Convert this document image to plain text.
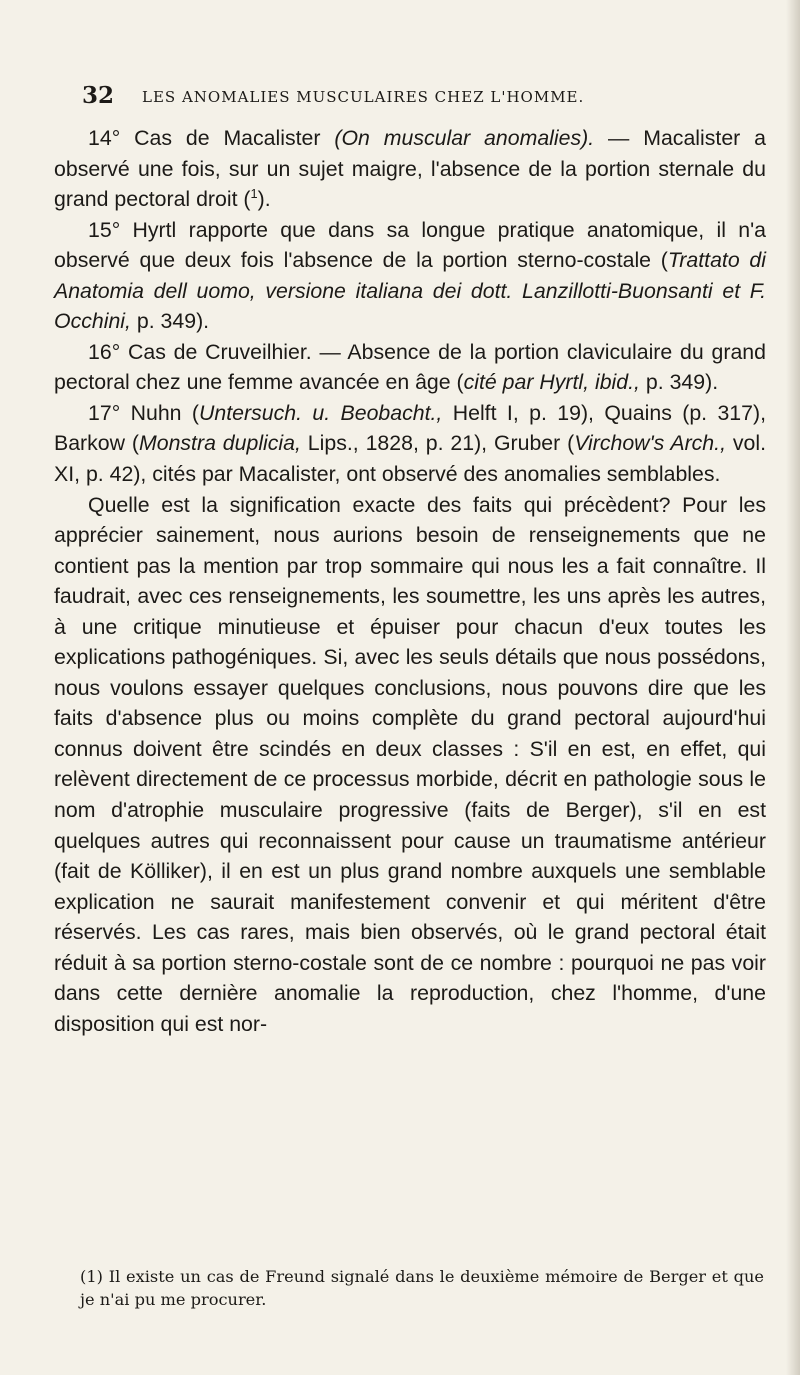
32 LES ANOMALIES MUSCULAIRES CHEZ L'HOMME.

14° Cas de Macalister (On muscular anomalies). — Macalister a observé une fois, sur un sujet maigre, l'absence de la portion sternale du grand pectoral droit ($^1$).

15° Hyrtl rapporte que dans sa longue pratique anatomique, il n'a observé que deux fois l'absence de la portion sterno-costale (Trattato di Anatomia dell uomo, versione italiana dei dott. Lanzillotti-Buonsanti et F. Occhini, p. 349).

16° Cas de Cruveilhier. — Absence de la portion claviculaire du grand pectoral chez une femme avancée en âge (cité par Hyrtl, ibid., p. 349).

17° Nuhn (Untersuch. u. Beobacht., Helft I, p. 19), Quains (p. 317), Barkow (Monstra duplicia, Lips., 1828, p. 21), Gruber (Virchow's Arch., vol. XI, p. 42), cités par Macalister, ont observé des anomalies semblables.

Quelle est la signification exacte des faits qui précèdent? Pour les apprécier sainement, nous aurions besoin de renseignements que ne contient pas la mention par trop sommaire qui nous les a fait connaître. Il faudrait, avec ces renseignements, les soumettre, les uns après les autres, à une critique minutieuse et épuiser pour chacun d'eux toutes les explications pathogéniques. Si, avec les seuls détails que nous possédons, nous voulons essayer quelques conclusions, nous pouvons dire que les faits d'absence plus ou moins complète du grand pectoral aujourd'hui connus doivent être scindés en deux classes : S'il en est, en effet, qui relèvent directement de ce processus morbide, décrit en pathologie sous le nom d'atrophie musculaire progressive (faits de Berger), s'il en est quelques autres qui reconnaissent pour cause un traumatisme antérieur (fait de Kölliker), il en est un plus grand nombre auxquels une semblable explication ne saurait manifestement convenir et qui méritent d'être réservés. Les cas rares, mais bien observés, où le grand pectoral était réduit à sa portion sterno-costale sont de ce nombre : pourquoi ne pas voir dans cette dernière anomalie la reproduction, chez l'homme, d'une disposition qui est nor-

(1) Il existe un cas de Freund signalé dans le deuxième mémoire de Berger et que je n'ai pu me procurer.
